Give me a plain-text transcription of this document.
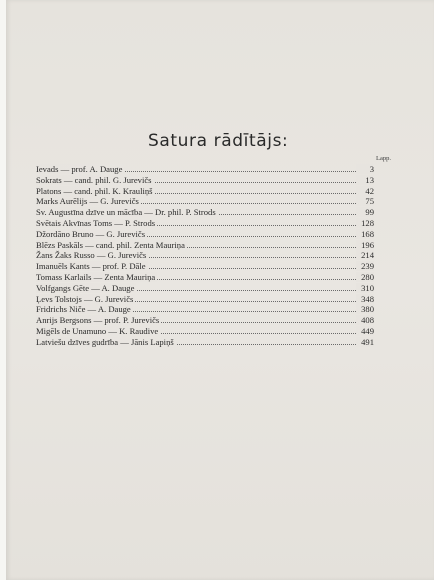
Satura rādītājs:
Lapp.
Ievads — prof. A. Dauge	3
Sokrats — cand. phil. G. Jurevičs	13
Platons — cand. phil. K. Krauliņš	42
Marks Aurēlijs — G. Jurevičs	75
Sv. Augustīna dzīve un mācība — Dr. phil. P. Strods	99
Svētais Akvīnas Toms — P. Strods	128
Džordāno Bruno — G. Jurevičs	168
Blēzs Paskāls — cand. phil. Zenta Mauriņa	196
Žans Žaks Russo — G. Jurevičs	214
Imanuēls Kants — prof. P. Dāle	239
Tomass Karlails — Zenta Mauriņa	280
Volfgangs Gēte — A. Dauge	310
Ļevs Tolstojs — G. Jurevičs	348
Fridrichs Niče — A. Dauge	380
Anrijs Bergsons — prof. P. Jurevičs	408
Migēls de Unamuno — K. Raudive	449
Latviešu dzīves gudrība — Jānis Lapiņš	491
